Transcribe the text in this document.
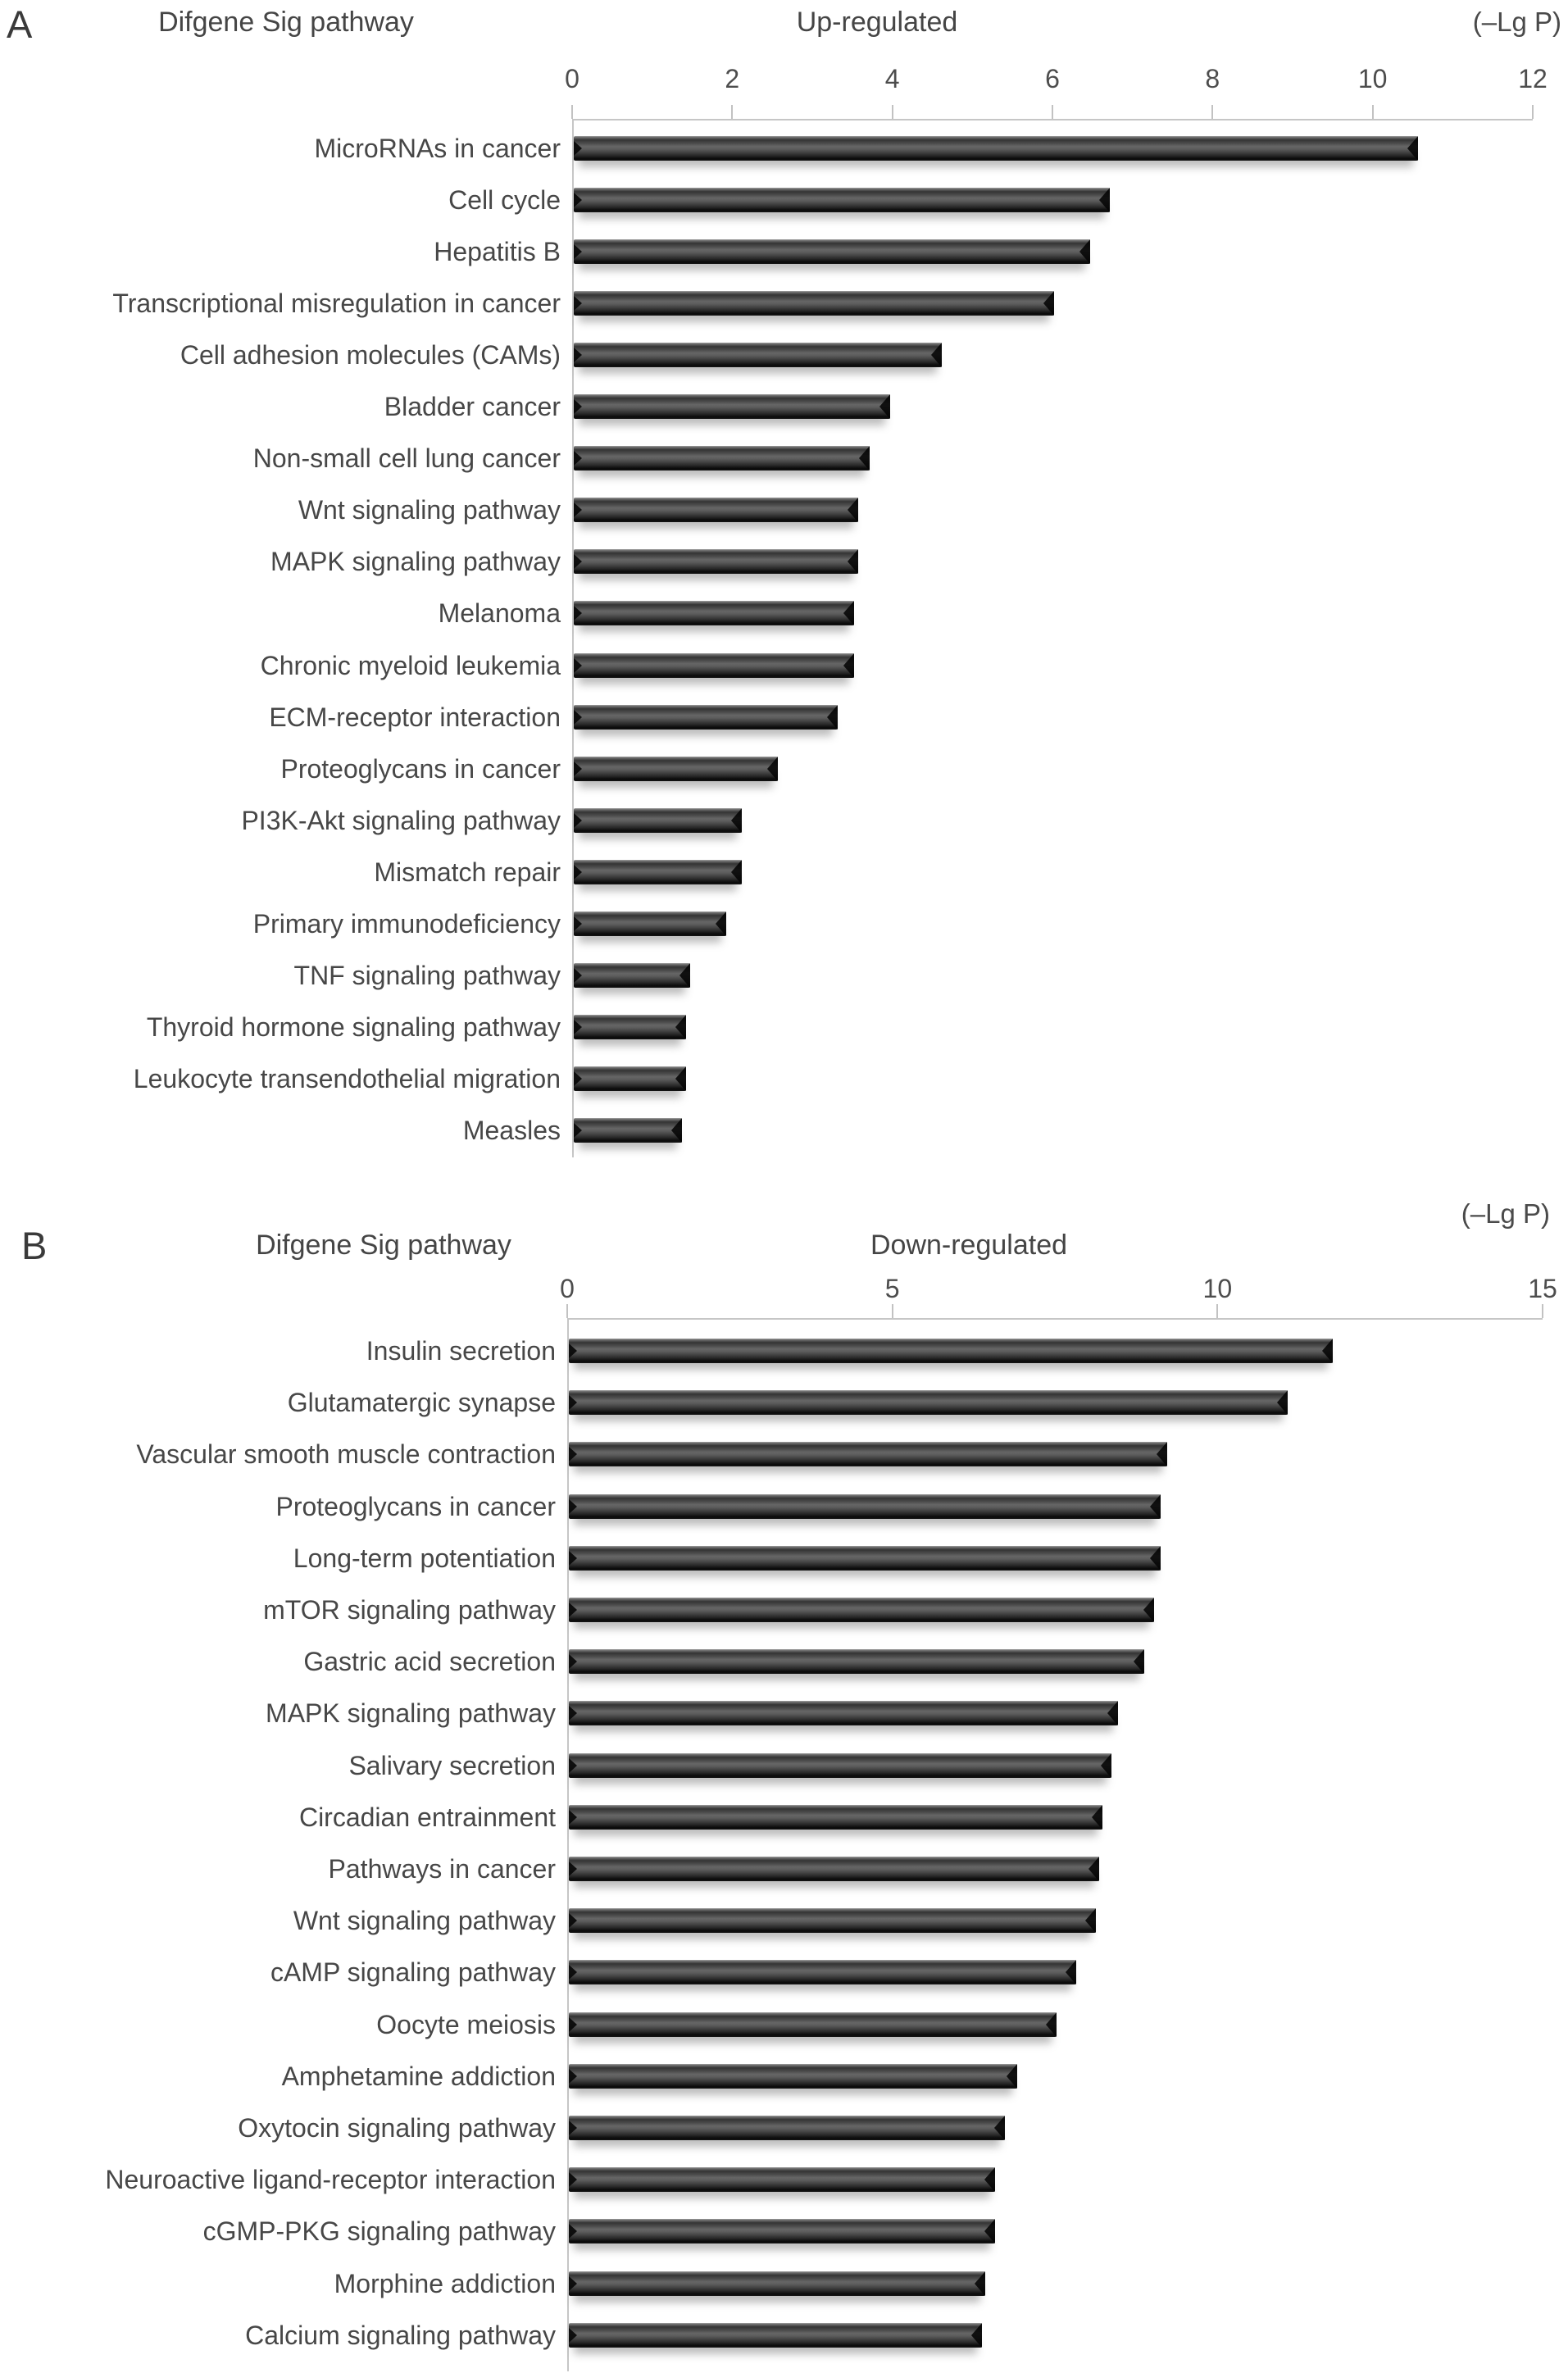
A	Difgene Sig pathway	Up-regulated	(–Lg P)
0	2	4	6	8	10	12
MicroRNAs in cancer
Cell cycle
Hepatitis B
Transcriptional misregulation in cancer
Cell adhesion molecules (CAMs)
Bladder cancer
Non-small cell lung cancer
Wnt signaling pathway
MAPK signaling pathway
Melanoma
Chronic myeloid leukemia
ECM-receptor interaction
Proteoglycans in cancer
PI3K-Akt signaling pathway
Mismatch repair
Primary immunodeficiency
TNF signaling pathway
Thyroid hormone signaling pathway
Leukocyte transendothelial migration
Measles
(–Lg P)
B	Difgene Sig pathway	Down-regulated
0	5	10	15
Insulin secretion
Glutamatergic synapse
Vascular smooth muscle contraction
Proteoglycans in cancer
Long-term potentiation
mTOR signaling pathway
Gastric acid secretion
MAPK signaling pathway
Salivary secretion
Circadian entrainment
Pathways in cancer
Wnt signaling pathway
cAMP signaling pathway
Oocyte meiosis
Amphetamine addiction
Oxytocin signaling pathway
Neuroactive ligand-receptor interaction
cGMP-PKG signaling pathway
Morphine addiction
Calcium signaling pathway
